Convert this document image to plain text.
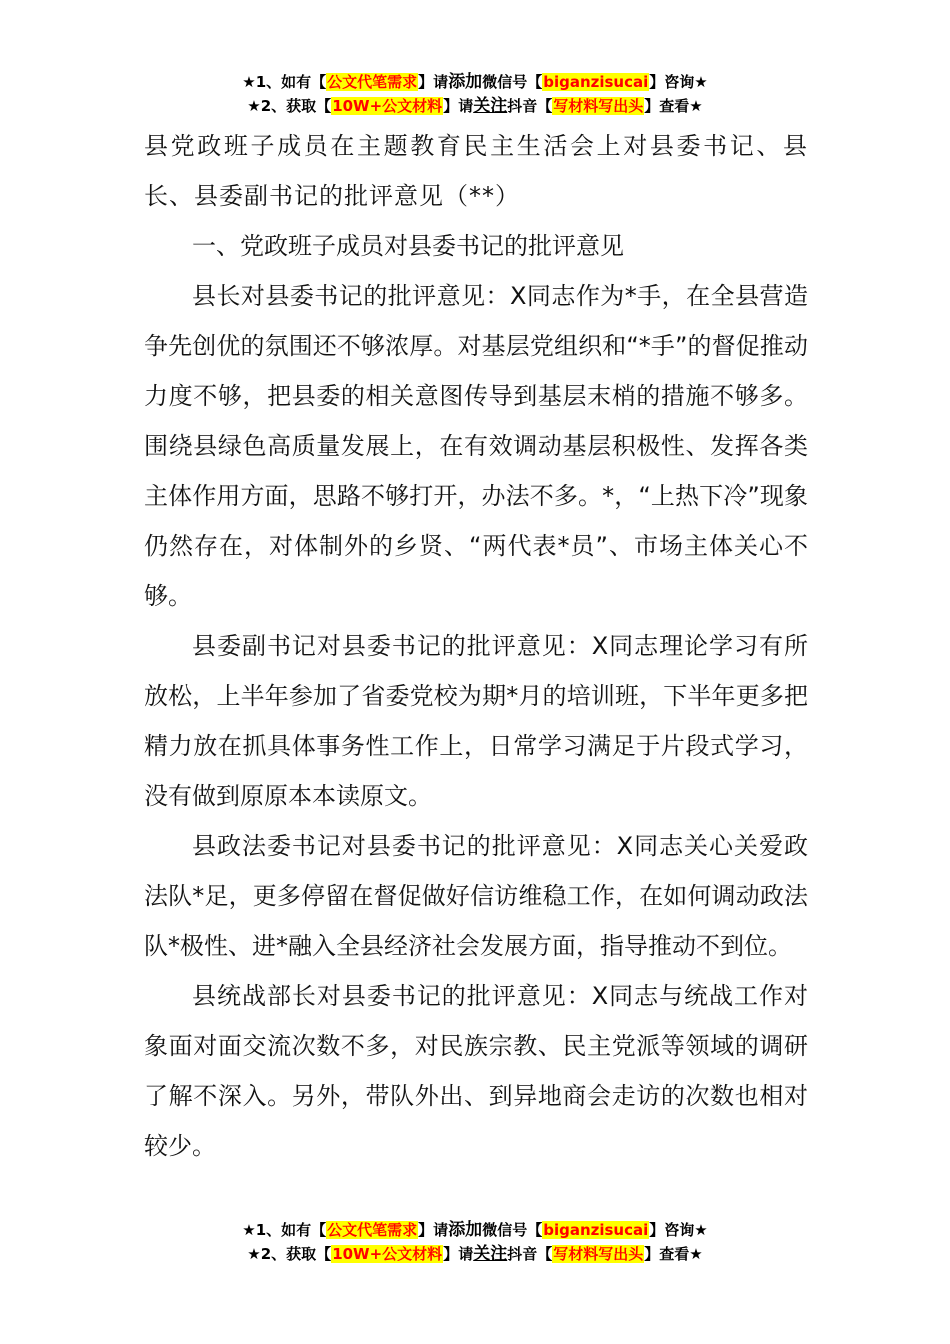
★1、如有【公文代笔需求】请添加微信号【biganzisucai】咨询★
★2、获取【10W+公文材料】请关注抖音【写材料写出头】查看★

县党政班子成员在主题教育民主生活会上对县委书记、县长、县委副书记的批评意见（**）

一、党政班子成员对县委书记的批评意见

县长对县委书记的批评意见：X同志作为*手，在全县营造争先创优的氛围还不够浓厚。对基层党组织和“*手”的督促推动力度不够，把县委的相关意图传导到基层末梢的措施不够多。围绕县绿色高质量发展上，在有效调动基层积极性、发挥各类主体作用方面，思路不够打开，办法不多。*，“上热下冷”现象仍然存在，对体制外的乡贤、“两代表*员”、市场主体关心不够。

县委副书记对县委书记的批评意见：X同志理论学习有所放松，上半年参加了省委党校为期*月的培训班，下半年更多把精力放在抓具体事务性工作上，日常学习满足于片段式学习，没有做到原原本本读原文。

县政法委书记对县委书记的批评意见：X同志关心关爱政法队*足，更多停留在督促做好信访维稳工作，在如何调动政法队*极性、进*融入全县经济社会发展方面，指导推动不到位。

县统战部长对县委书记的批评意见：X同志与统战工作对象面对面交流次数不多，对民族宗教、民主党派等领域的调研了解不深入。另外，带队外出、到异地商会走访的次数也相对较少。

★1、如有【公文代笔需求】请添加微信号【biganzisucai】咨询★
★2、获取【10W+公文材料】请关注抖音【写材料写出头】查看★
